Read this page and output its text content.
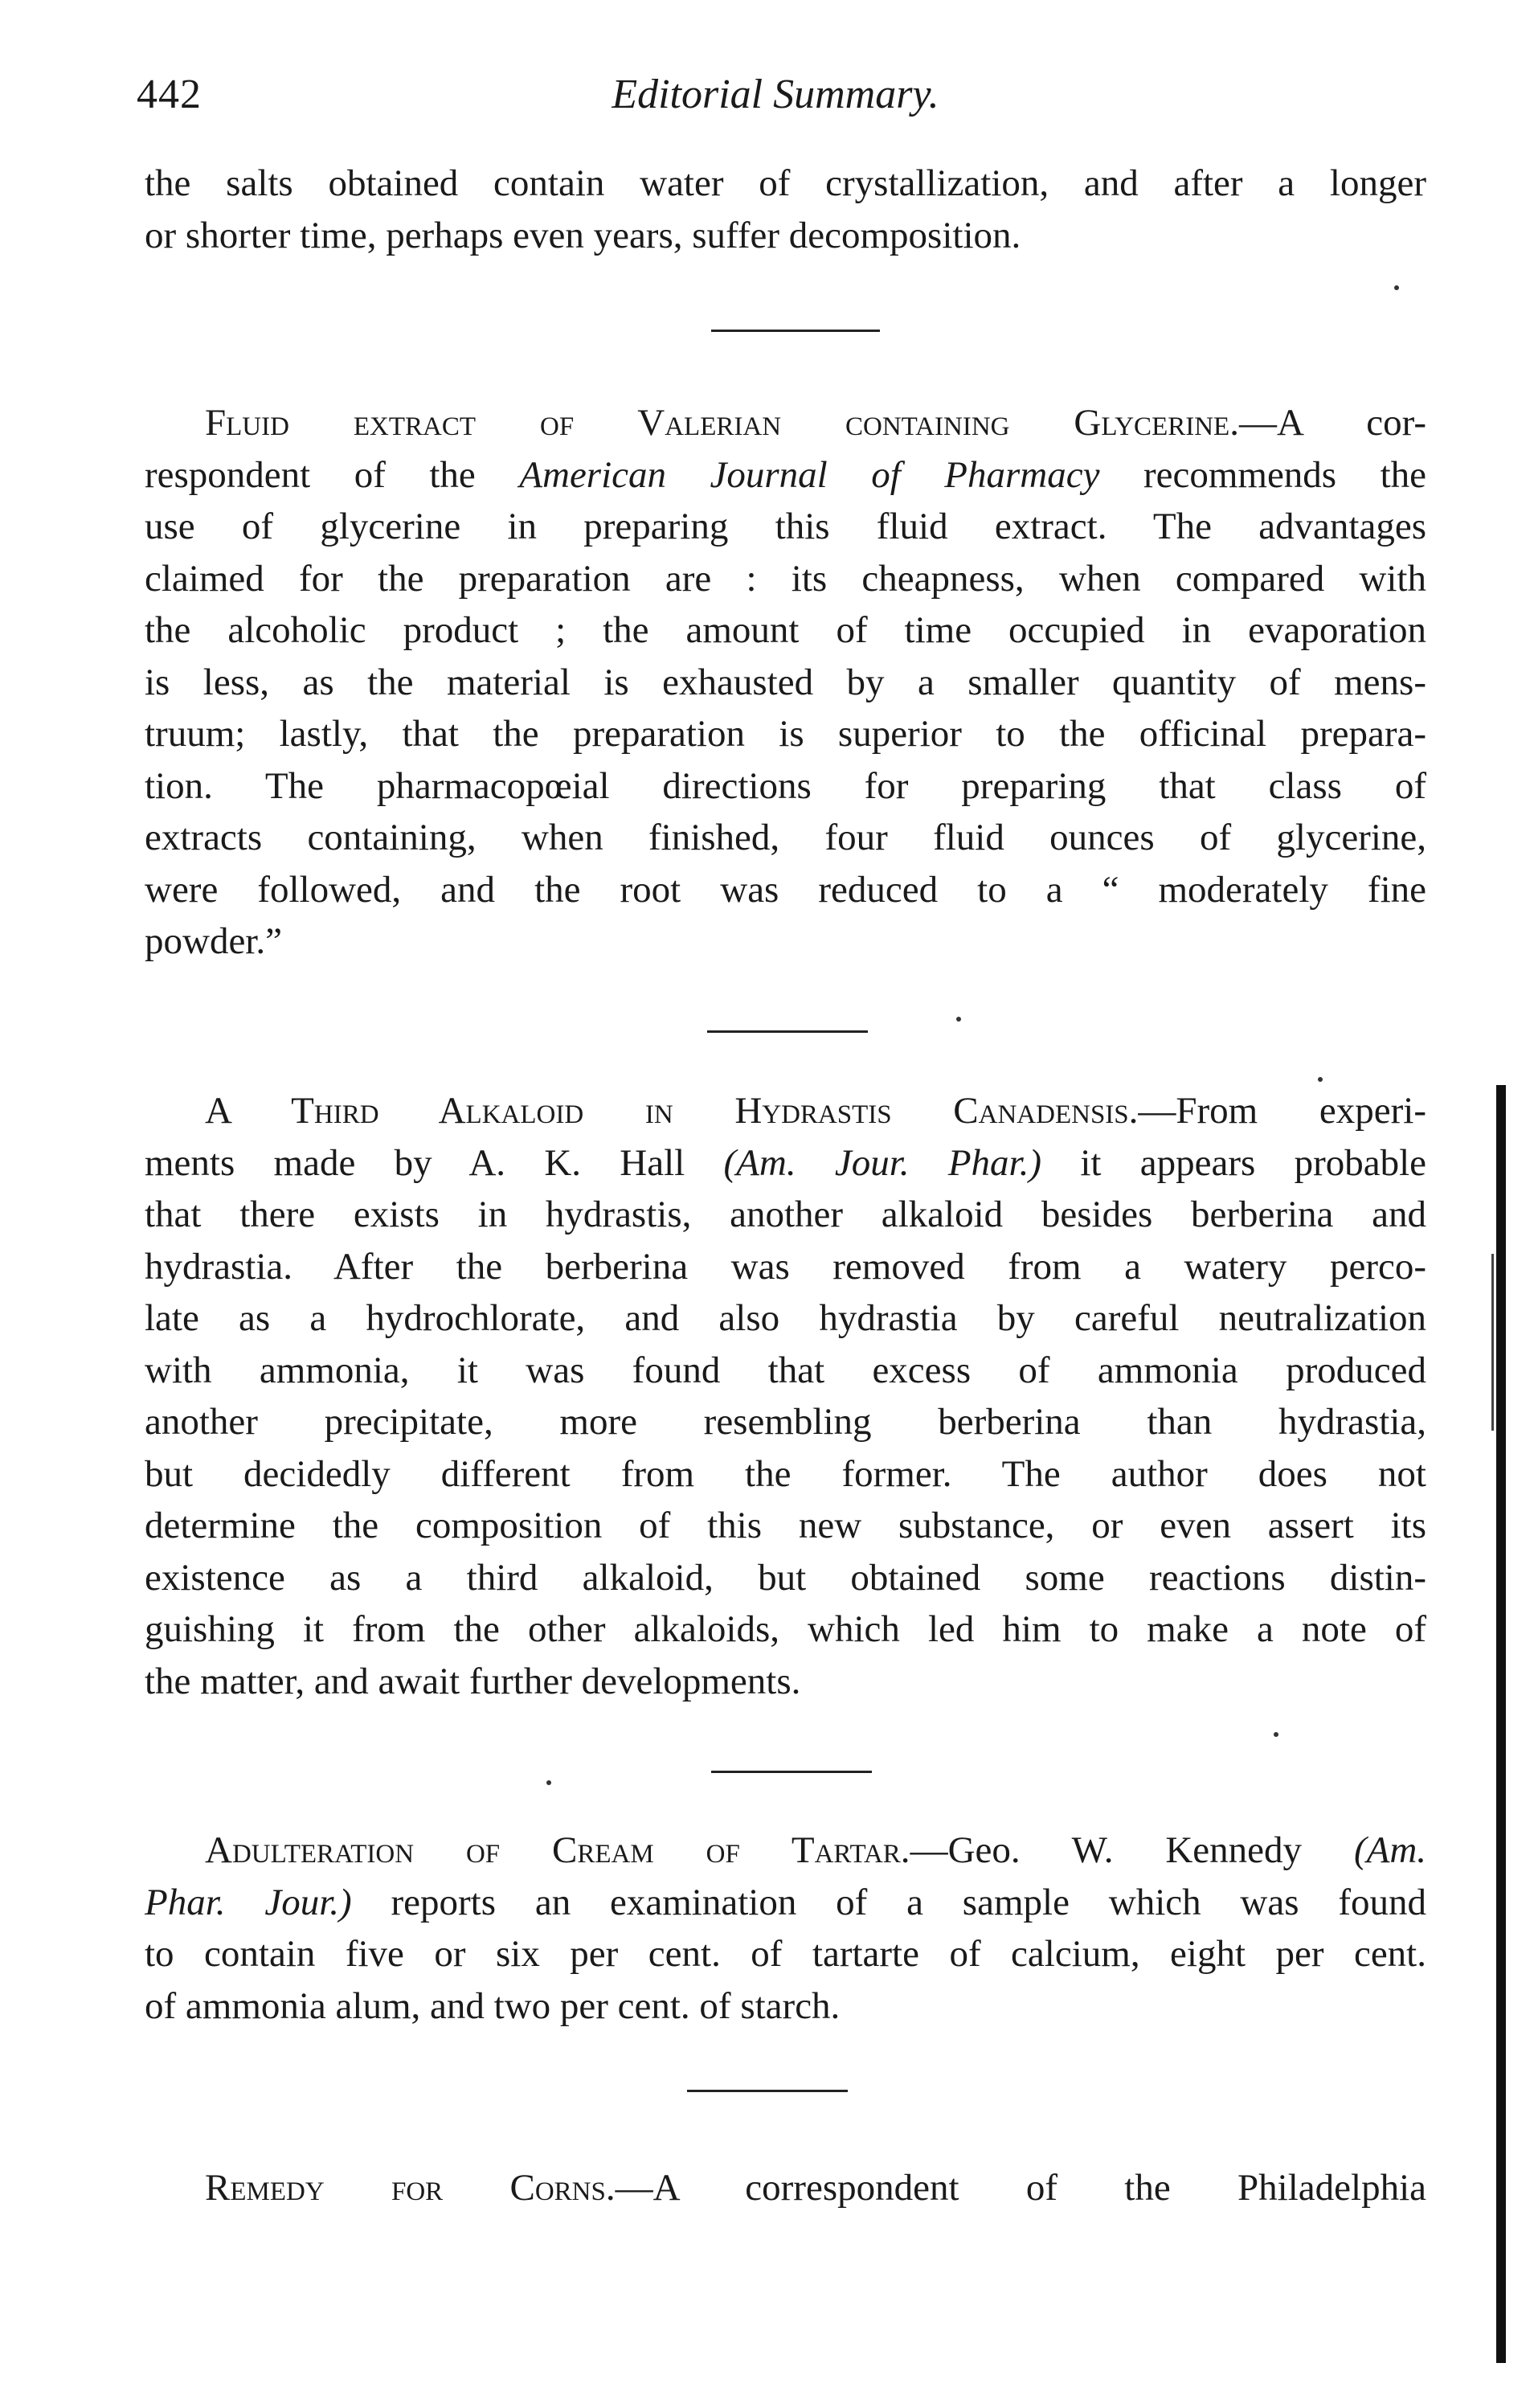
442	Editorial Summary.
the salts obtained contain water of crystallization, and after a longer
or shorter time, perhaps even years, suffer decomposition.
Fluid extract of Valerian containing Glycerine.—A cor-
respondent of the American Journal of Pharmacy recommends the
use of glycerine in preparing this fluid extract. The advantages
claimed for the preparation are : its cheapness, when compared with
the alcoholic product ; the amount of time occupied in evaporation
is less, as the material is exhausted by a smaller quantity of mens-
truum; lastly, that the preparation is superior to the officinal prepara-
tion. The pharmacopœial directions for preparing that class of
extracts containing, when finished, four fluid ounces of glycerine,
were followed, and the root was reduced to a “ moderately fine
powder.”
A Third Alkaloid in Hydrastis Canadensis.—From experi-
ments made by A. K. Hall (Am. Jour. Phar.) it appears probable
that there exists in hydrastis, another alkaloid besides berberina and
hydrastia. After the berberina was removed from a watery perco-
late as a hydrochlorate, and also hydrastia by careful neutralization
with ammonia, it was found that excess of ammonia produced
another precipitate, more resembling berberina than hydrastia,
but decidedly different from the former. The author does not
determine the composition of this new substance, or even assert its
existence as a third alkaloid, but obtained some reactions distin-
guishing it from the other alkaloids, which led him to make a note of
the matter, and await further developments.
Adulteration of Cream of Tartar.—Geo. W. Kennedy (Am.
Phar. Jour.) reports an examination of a sample which was found
to contain five or six per cent. of tartarte of calcium, eight per cent.
of ammonia alum, and two per cent. of starch.
Remedy for Corns.—A correspondent of the Philadelphia
